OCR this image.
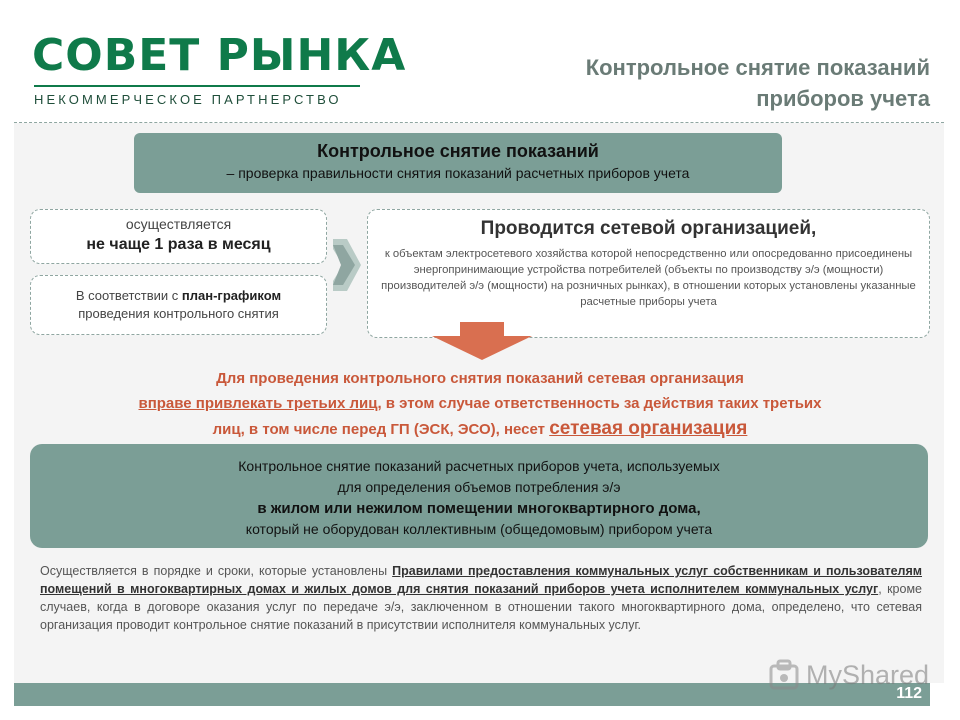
СОВЕТ РЫНКА
НЕКОММЕРЧЕСКОЕ ПАРТНЕРСТВО
Контрольное снятие показаний
приборов учета
Контрольное снятие показаний
– проверка правильности снятия показаний расчетных приборов учета
осуществляется
не чаще 1 раза в месяц
В соответствии с план-графиком
проведения контрольного снятия
Проводится сетевой организацией,
к объектам электросетевого хозяйства которой непосредственно или опосредованно присоединены энергопринимающие устройства потребителей (объекты по производству э/э (мощности) производителей э/э (мощности) на розничных рынках), в отношении которых установлены указанные расчетные приборы учета
Для проведения контрольного снятия показаний сетевая организация
вправе привлекать третьих лиц, в этом случае ответственность за действия таких третьих
лиц, в том числе перед ГП (ЭСК, ЭСО), несет сетевая организация
Контрольное снятие показаний расчетных приборов учета, используемых
для определения объемов потребления э/э
в жилом или нежилом помещении многоквартирного дома,
который не оборудован коллективным (общедомовым) прибором учета
Осуществляется в порядке и сроки, которые установлены Правилами предоставления коммунальных услуг собственникам и пользователям помещений в многоквартирных домах и жилых домов для снятия показаний приборов учета исполнителем коммунальных услуг, кроме случаев, когда в договоре оказания услуг по передаче э/э, заключенном в отношении такого многоквартирного дома, определено, что сетевая организация проводит контрольное снятие показаний в присутствии исполнителя коммунальных услуг.
MyShared
112
